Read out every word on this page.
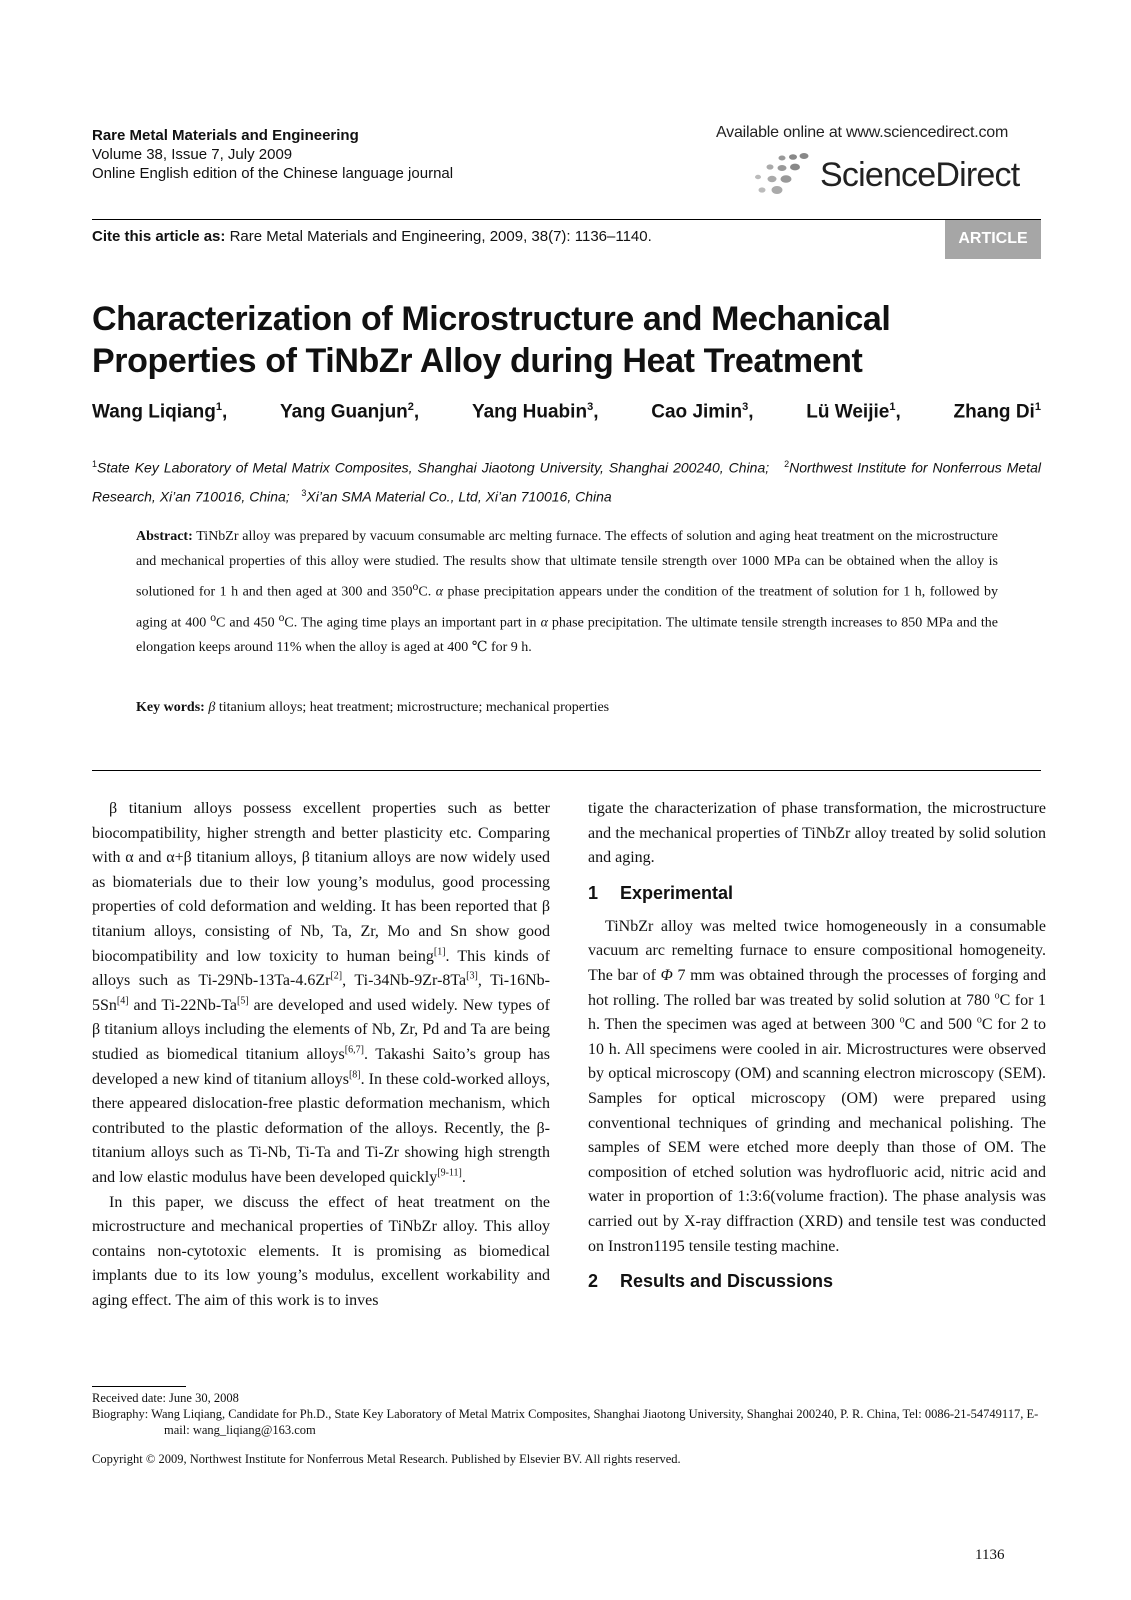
Rare Metal Materials and Engineering
Volume 38, Issue 7, July 2009
Online English edition of the Chinese language journal
Available online at www.sciencedirect.com
ScienceDirect
Cite this article as: Rare Metal Materials and Engineering, 2009, 38(7): 1136–1140.	ARTICLE
Characterization of Microstructure and Mechanical Properties of TiNbZr Alloy during Heat Treatment
Wang Liqiang$^1$,	Yang Guanjun$^2$,	Yang Huabin$^3$,	Cao Jimin$^3$,	Lü Weijie$^1$,	Zhang Di$^1$
$^1$State Key Laboratory of Metal Matrix Composites, Shanghai Jiaotong University, Shanghai 200240, China; $^2$Northwest Institute for Nonferrous Metal Research, Xi’an 710016, China; $^3$Xi’an SMA Material Co., Ltd, Xi’an 710016, China
Abstract: TiNbZr alloy was prepared by vacuum consumable arc melting furnace. The effects of solution and aging heat treatment on the microstructure and mechanical properties of this alloy were studied. The results show that ultimate tensile strength over 1000 MPa can be obtained when the alloy is solutioned for 1 h and then aged at 300 and 350$^o$C. α phase precipitation appears under the condition of the treatment of solution for 1 h, followed by aging at 400 $^o$C and 450 $^o$C. The aging time plays an important part in α phase precipitation. The ultimate tensile strength increases to 850 MPa and the elongation keeps around 11% when the alloy is aged at 400 ℃ for 9 h.
Key words: β titanium alloys; heat treatment; microstructure; mechanical properties

β titanium alloys possess excellent properties such as better biocompatibility, higher strength and better plasticity etc. Comparing with α and α+β titanium alloys, β titanium alloys are now widely used as biomaterials due to their low young’s modulus, good processing properties of cold deformation and welding. It has been reported that β titanium alloys, consisting of Nb, Ta, Zr, Mo and Sn show good biocompatibility and low toxicity to human being[1]. This kinds of alloys such as Ti-29Nb-13Ta-4.6Zr[2], Ti-34Nb-9Zr-8Ta[3], Ti-16Nb-5Sn[4] and Ti-22Nb-Ta[5] are developed and used widely. New types of β titanium alloys including the elements of Nb, Zr, Pd and Ta are being studied as biomedical titanium alloys[6,7]. Takashi Saito’s group has developed a new kind of titanium alloys[8]. In these cold-worked alloys, there appeared dislocation-free plastic deformation mechanism, which contributed to the plastic deformation of the alloys. Recently, the β-titanium alloys such as Ti-Nb, Ti-Ta and Ti-Zr showing high strength and low elastic modulus have been developed quickly[9-11].

In this paper, we discuss the effect of heat treatment on the microstructure and mechanical properties of TiNbZr alloy. This alloy contains non-cytotoxic elements. It is promising as biomedical implants due to its low young’s modulus, excellent workability and aging effect. The aim of this work is to inves

tigate the characterization of phase transformation, the microstructure and the mechanical properties of TiNbZr alloy treated by solid solution and aging.

1 Experimental

TiNbZr alloy was melted twice homogeneously in a consumable vacuum arc remelting furnace to ensure compositional homogeneity. The bar of Φ 7 mm was obtained through the processes of forging and hot rolling. The rolled bar was treated by solid solution at 780 $^o$C for 1 h. Then the specimen was aged at between 300 $^o$C and 500 $^o$C for 2 to 10 h. All specimens were cooled in air. Microstructures were observed by optical microscopy (OM) and scanning electron microscopy (SEM). Samples for optical microscopy (OM) were prepared using conventional techniques of grinding and mechanical polishing. The samples of SEM were etched more deeply than those of OM. The composition of etched solution was hydrofluoric acid, nitric acid and water in proportion of 1:3:6(volume fraction). The phase analysis was carried out by X-ray diffraction (XRD) and tensile test was conducted on Instron1195 tensile testing machine.

2 Results and Discussions
Received date: June 30, 2008
Biography: Wang Liqiang, Candidate for Ph.D., State Key Laboratory of Metal Matrix Composites, Shanghai Jiaotong University, Shanghai 200240, P. R. China, Tel: 0086-21-54749117, E-mail: wang_liqiang@163.com
Copyright © 2009, Northwest Institute for Nonferrous Metal Research. Published by Elsevier BV. All rights reserved.
1136
